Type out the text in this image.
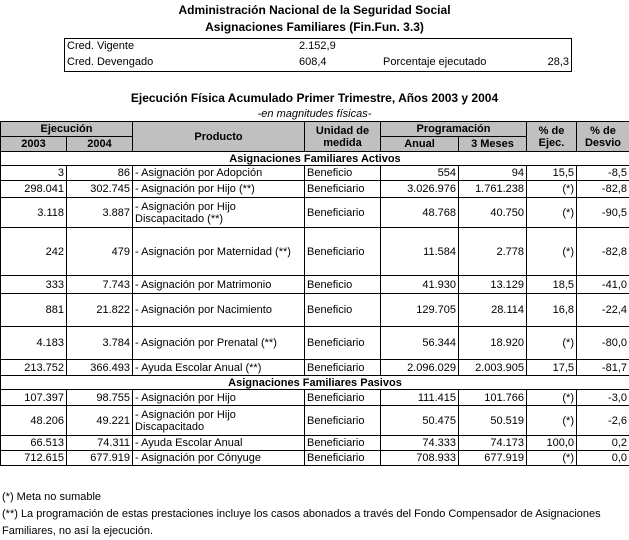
Administración Nacional de la Seguridad Social
Asignaciones Familiares (Fin.Fun. 3.3)
Cred. Vigente	2.152,9
Cred. Devengado	608,4	Porcentaje ejecutado	28,3
Ejecución Física Acumulado Primer Trimestre, Años 2003 y 2004
-en magnitudes físicas-
Ejecución		Producto	Unidad de medida	Programación		% de Ejec.	% de Desvio
2003	2004			Anual	3 Meses		
Asignaciones Familiares Activos							
3	86	- Asignación por Adopción	Beneficio	554	94	15,5	-8,5
298.041	302.745	- Asignación por Hijo (**)	Beneficiario	3.026.976	1.761.238	(*)	-82,8
3.118	3.887	- Asignación por Hijo Discapacitado (**)	Beneficiario	48.768	40.750	(*)	-90,5
242	479	- Asignación por Maternidad (**)	Beneficiario	11.584	2.778	(*)	-82,8
333	7.743	- Asignación por Matrimonio	Beneficio	41.930	13.129	18,5	-41,0
881	21.822	- Asignación por Nacimiento	Beneficio	129.705	28.114	16,8	-22,4
4.183	3.784	- Asignación por Prenatal (**)	Beneficiario	56.344	18.920	(*)	-80,0
213.752	366.493	- Ayuda Escolar Anual (**)	Beneficiario	2.096.029	2.003.905	17,5	-81,7
Asignaciones Familiares Pasivos							
107.397	98.755	- Asignación por Hijo	Beneficiario	111.415	101.766	(*)	-3,0
48.206	49.221	- Asignación por Hijo Discapacitado	Beneficiario	50.475	50.519	(*)	-2,6
66.513	74.311	- Ayuda Escolar Anual	Beneficiario	74.333	74.173	100,0	0,2
712.615	677.919	- Asignación por Cónyuge	Beneficiario	708.933	677.919	(*)	0,0
(*) Meta no sumable
(**) La programación de estas prestaciones incluye los casos abonados a través del Fondo Compensador de Asignaciones Familiares, no así la ejecución.
